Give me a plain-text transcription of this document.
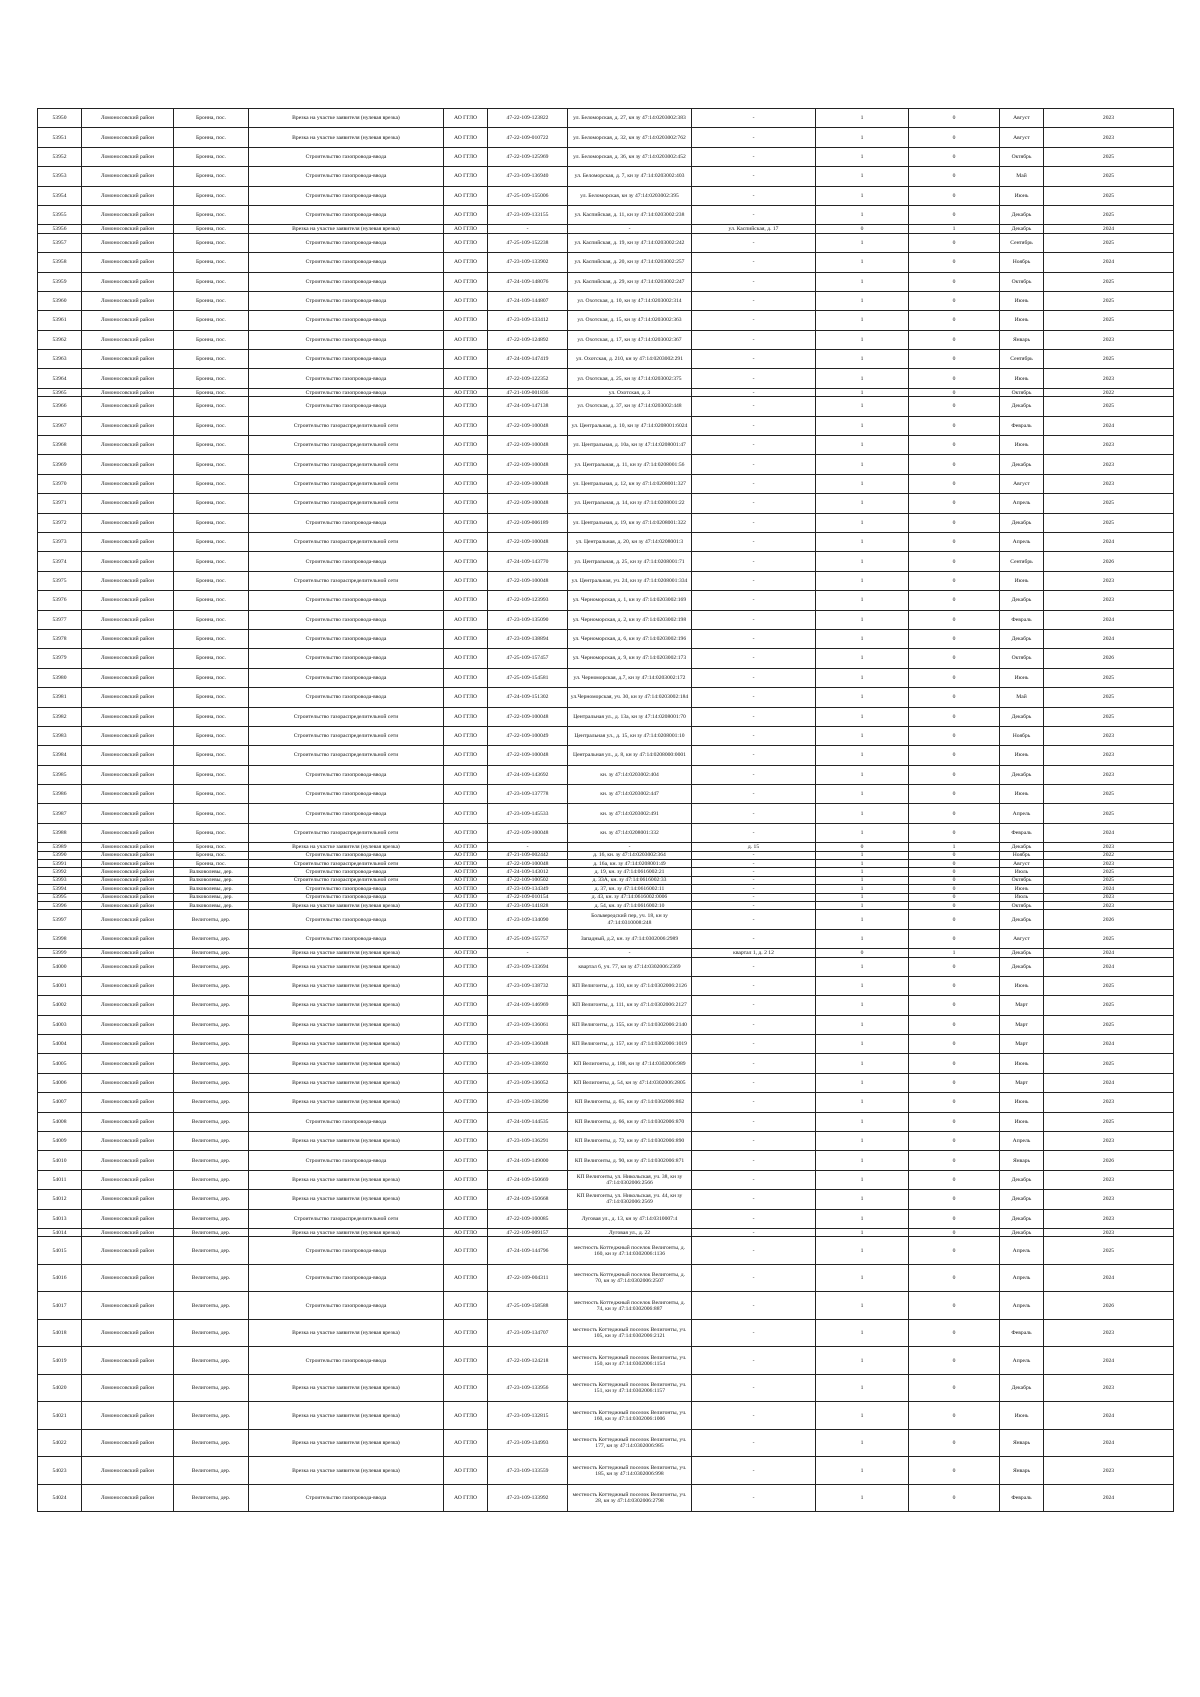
53950	Ломоносовский район	Бронна, пос.	Врезка на участке заявителя (нулевая врезка)	АО ГГЛО	47-22-109-123822	ул. Беломорская, д. 27, кн зу 47:14:0203002:383	-	1	0	Август	2023
53951	Ломоносовский район	Бронна, пос.	Врезка на участке заявителя (нулевая врезка)	АО ГГЛО	47-22-109-010722	ул. Беломорская, д. 32, кн зу 47:14:0203002:762	-	1	0	Август	2023
53952	Ломоносовский район	Бронна, пос.	Строительство газопровода-ввода	АО ГГЛО	47-22-109-125969	ул. Беломорская, д. 36, кн зу 47:14:0203002:452	-	1	0	Октябрь	2025
53953	Ломоносовский район	Бронна, пос.	Строительство газопровода-ввода	АО ГГЛО	47-23-109-136940	ул. Беломорская, д. 7, кн зу 47:14:0203002:403	-	1	0	Май	2025
53954	Ломоносовский район	Бронна, пос.	Строительство газопровода-ввода	АО ГГЛО	47-25-109-155006	ул. Беломорская, кн зу 47:14:0203002:395	-	1	0	Июнь	2025
53955	Ломоносовский район	Бронна, пос.	Строительство газопровода-ввода	АО ГГЛО	47-23-109-133155	ул. Каспийская, д. 11, кн зу 47:14:0203002:238	-	1	0	Декабрь	2025
53956	Ломоносовский район	Бронна, пос.	Врезка на участке заявителя (нулевая врезка)	АО ГГЛО	-	-	ул. Каспийская, д. 17	0	1	Декабрь	2024
53957	Ломоносовский район	Бронна, пос.	Строительство газопровода-ввода	АО ГГЛО	47-25-109-152238	ул. Каспийская, д. 19, кн зу 47:14:0203002:242	-	1	0	Сентябрь	2025
53958	Ломоносовский район	Бронна, пос.	Строительство газопровода-ввода	АО ГГЛО	47-23-109-133902	ул. Каспийская, д. 20, кн зу 47:14:0203002:257	-	1	0	Ноябрь	2024
53959	Ломоносовский район	Бронна, пос.	Строительство газопровода-ввода	АО ГГЛО	47-24-109-148076	ул. Каспийская, д. 29, кн зу 47:14:0203002:247	-	1	0	Октябрь	2025
53960	Ломоносовский район	Бронна, пос.	Строительство газопровода-ввода	АО ГГЛО	47-24-109-144807	ул. Охотская, д. 10, кн зу 47:14:0203002:314	-	1	0	Июнь	2025
53961	Ломоносовский район	Бронна, пос.	Строительство газопровода-ввода	АО ГГЛО	47-23-109-133412	ул. Охотская, д. 15, кн зу 47:14:0203002:363	-	1	0	Июнь	2025
53962	Ломоносовский район	Бронна, пос.	Строительство газопровода-ввода	АО ГГЛО	47-22-109-124892	ул. Охотская, д. 17, кн зу 47:14:0203002:367	-	1	0	Январь	2023
53963	Ломоносовский район	Бронна, пос.	Строительство газопровода-ввода	АО ГГЛО	47-24-109-147419	ул. Охотская, д. 210, кн зу 47:14:0203002:291	-	1	0	Сентябрь	2025
53964	Ломоносовский район	Бронна, пос.	Строительство газопровода-ввода	АО ГГЛО	47-22-109-122352	ул. Охотская, д. 25, кн зу 47:14:0203002:375	-	1	0	Июнь	2023
53965	Ломоносовский район	Бронна, пос.	Строительство газопровода-ввода	АО ГГЛО	47-21-109-001836	ул. Охотская, д. 3	-	1	0	Октябрь	2022
53966	Ломоносовский район	Бронна, пос.	Строительство газопровода-ввода	АО ГГЛО	47-24-109-147138	ул. Охотская, д. 37, кн зу 47:14:0203002:448	-	1	0	Декабрь	2025
53967	Ломоносовский район	Бронна, пос.	Строительство газораспределительной сети	АО ГГЛО	47-22-109-100048	ул. Центральная, д. 10, кн зу 47:14:0208001:6024	-	1	0	Февраль	2024
53968	Ломоносовский район	Бронна, пос.	Строительство газораспределительной сети	АО ГГЛО	47-22-109-100048	ул. Центральная, д. 10а, кн зу 47:14:0208001:47	-	1	0	Июнь	2023
53969	Ломоносовский район	Бронна, пос.	Строительство газораспределительной сети	АО ГГЛО	47-22-109-100048	ул. Центральная, д. 11, кн зу 47:14:0208001:56	-	1	0	Декабрь	2023
53970	Ломоносовский район	Бронна, пос.	Строительство газораспределительной сети	АО ГГЛО	47-22-109-100048	ул. Центральная, д. 12, кн зу 47:14:0208001:327	-	1	0	Август	2023
53971	Ломоносовский район	Бронна, пос.	Строительство газораспределительной сети	АО ГГЛО	47-22-109-100048	ул. Центральная, д. 14, кн зу 47:14:0208001:22	-	1	0	Апрель	2025
53972	Ломоносовский район	Бронна, пос.	Строительство газопровода-ввода	АО ГГЛО	47-22-109-006189	ул. Центральная, д. 19, кн зу 47:14:0208001:322	-	1	0	Декабрь	2025
53973	Ломоносовский район	Бронна, пос.	Строительство газораспределительной сети	АО ГГЛО	47-22-109-100048	ул. Центральная, д. 20, кн зу 47:14:0208001:3	-	1	0	Апрель	2024
53974	Ломоносовский район	Бронна, пос.	Строительство газопровода-ввода	АО ГГЛО	47-24-109-143770	ул. Центральная, д. 25, кн зу 47:14:0208001:71	-	1	0	Сентябрь	2026
53975	Ломоносовский район	Бронна, пос.	Строительство газораспределительной сети	АО ГГЛО	47-22-109-100048	ул. Центральная, уч. 24, кн зу 47:14:0208001:334	-	1	0	Июнь	2023
53976	Ломоносовский район	Бронна, пос.	Строительство газопровода-ввода	АО ГГЛО	47-22-109-123993	ул. Черноморская, д. 1, кн зу 47:14:0203002:169	-	1	0	Декабрь	2023
53977	Ломоносовский район	Бронна, пос.	Строительство газопровода-ввода	АО ГГЛО	47-23-109-135090	ул. Черноморская, д. 2, кн зу 47:14:0203002:198	-	1	0	Февраль	2024
53978	Ломоносовский район	Бронна, пос.	Строительство газопровода-ввода	АО ГГЛО	47-23-109-138894	ул. Черноморская, д. 6, кн зу 47:14:0203002:196	-	1	0	Декабрь	2024
53979	Ломоносовский район	Бронна, пос.	Строительство газопровода-ввода	АО ГГЛО	47-25-109-157457	ул. Черноморская, д. 9, кн зу 47:14:0203002:173	-	1	0	Октябрь	2026
53980	Ломоносовский район	Бронна, пос.	Строительство газопровода-ввода	АО ГГЛО	47-25-109-154581	ул. Черноморская, д.7, кн зу 47:14:0203002:172	-	1	0	Июнь	2025
53981	Ломоносовский район	Бронна, пос.	Строительство газопровода-ввода	АО ГГЛО	47-24-109-151302	ул.Черноморская, уч. 30, кн зу 47:14:0203002:184	-	1	0	Май	2025
53982	Ломоносовский район	Бронна, пос.	Строительство газораспределительной сети	АО ГГЛО	47-22-109-100048	Центральная ул., д. 13а, кн зу 47:14:0208001:70	-	1	0	Декабрь	2025
53983	Ломоносовский район	Бронна, пос.	Строительство газораспределительной сети	АО ГГЛО	47-22-109-100049	Центральная ул., д. 15, кн зу 47:14:0208001:10	-	1	0	Ноябрь	2023
53984	Ломоносовский район	Бронна, пос.	Строительство газораспределительной сети	АО ГГЛО	47-22-109-100048	Центральная ул., д. 8, кн зу 47:14:0208000:0001	-	1	0	Июнь	2023
53985	Ломоносовский район	Бронна, пос.	Строительство газопровода-ввода	АО ГГЛО	47-24-109-143692	кн. зу 47:14:0203002:404	-	1	0	Декабрь	2023
53986	Ломоносовский район	Бронна, пос.	Строительство газопровода-ввода	АО ГГЛО	47-23-109-137778	кн. зу 47:14:0203002:447	-	1	0	Июнь	2025
53987	Ломоносовский район	Бронна, пос.	Строительство газопровода-ввода	АО ГГЛО	47-23-109-145533	кн. зу 47:14:0203002:491	-	1	0	Апрель	2025
53988	Ломоносовский район	Бронна, пос.	Строительство газораспределительной сети	АО ГГЛО	47-22-109-100048	кн. зу 47:14:0208001:332	-	1	0	Февраль	2024
53989	Ломоносовский район	Бронна, пос.	Врезка на участке заявителя (нулевая врезка)	АО ГГЛО	-	-	д. 15	0	1	Декабрь	2023
53990	Ломоносовский район	Бронна, пос.	Строительство газопровода-ввода	АО ГГЛО	47-21-109-002442	д. 16, кн. зу 47:14:0203002:364	-	1	0	Ноябрь	2022
53991	Ломоносовский район	Бронна, пос.	Строительство газораспределительной сети	АО ГГЛО	47-22-109-100048	д. 16а, кн. зу 47:14:0208001:49	-	1	0	Август	2023
53992	Ломоносовский район	Валковолевы, дер.	Строительство газопровода-ввода	АО ГГЛО	47-24-109-143012	д. 19, кн. зу 47:14:0616002:21	-	1	0	Июль	2025
53993	Ломоносовский район	Валковолевы, дер.	Строительство газораспределительной сети	АО ГГЛО	47-22-109-100502	д. 33А, кн. зу 47:14:0616002:33	-	1	0	Октябрь	2025
53994	Ломоносовский район	Валковолевы, дер.	Строительство газопровода-ввода	АО ГГЛО	47-23-109-134349	д. 37, кн. зу 47:14:0616002:11	-	1	0	Июнь	2024
53995	Ломоносовский район	Валковолевы, дер.	Строительство газопровода-ввода	АО ГГЛО	47-22-109-010154	д. 43, кн. зу 47:14:0616002:0006	-	1	0	Июль	2023
53996	Ломоносовский район	Валковолевы, дер.	Врезка на участке заявителя (нулевая врезка)	АО ГГЛО	47-23-109-141828	д. 54, кн. зу 47:14:0616002:10	-	1	0	Октябрь	2023
53997	Ломоносовский район	Велигонты, дер.	Строительство газопровода-ввода	АО ГГЛО	47-23-109-134090	Больвередский пер, уч. 18, кн зу 47:14:0310008:248	-	1	0	Декабрь	2026
53998	Ломоносовский район	Велигонты, дер.	Строительство газопровода-ввода	АО ГГЛО	47-25-109-155757	Западный, д.2, кн. зу 47:14:0302006:2989	-	1	0	Август	2025
53999	Ломоносовский район	Велигонты, дер.	Врезка на участке заявителя (нулевая врезка)	АО ГГЛО	-	-	квартал 1, д. 2 12	0	1	Декабрь	2024
54000	Ломоносовский район	Велигонты, дер.	Врезка на участке заявителя (нулевая врезка)	АО ГГЛО	47-23-109-133694	квартал 6, уч. 77, кн зу 47:14:0302006:2369	-	1	0	Декабрь	2024
54001	Ломоносовский район	Велигонты, дер.	Врезка на участке заявителя (нулевая врезка)	АО ГГЛО	47-23-109-138732	КП Велигонты, д. 110, кн зу 47:14:0302006:2126	-	1	0	Июнь	2025
54002	Ломоносовский район	Велигонты, дер.	Врезка на участке заявителя (нулевая врезка)	АО ГГЛО	47-24-109-146969	КП Велигонты, д. 111, кн зу 47:14:0302006:2127	-	1	0	Март	2025
54003	Ломоносовский район	Велигонты, дер.	Врезка на участке заявителя (нулевая врезка)	АО ГГЛО	47-23-109-136061	КП Велигонты, д. 155, кн зу 47:14:0302006:2140	-	1	0	Март	2025
54004	Ломоносовский район	Велигонты, дер.	Врезка на участке заявителя (нулевая врезка)	АО ГГЛО	47-23-109-136048	КП Велигонты, д. 157, кн зу 47:14:0302006:1019	-	1	0	Март	2024
54005	Ломоносовский район	Велигонты, дер.	Врезка на участке заявителя (нулевая врезка)	АО ГГЛО	47-23-109-138692	КП Велигонты, д. 188, кн зу 47:14:0302006:989	-	1	0	Июнь	2025
54006	Ломоносовский район	Велигонты, дер.	Врезка на участке заявителя (нулевая врезка)	АО ГГЛО	47-23-109-136052	КП Велигонты, д. 54, кн зу 47:14:0302006:2805	-	1	0	Март	2024
54007	Ломоносовский район	Велигонты, дер.	Врезка на участке заявителя (нулевая врезка)	АО ГГЛО	47-23-109-138290	КП Велигонты, д. 65, кн зу 47:14:0302006:862	-	1	0	Июнь	2023
54008	Ломоносовский район	Велигонты, дер.	Строительство газопровода-ввода	АО ГГЛО	47-24-109-144535	КП Велигонты, д. 66, кн зу 47:14:0302006:870	-	1	0	Июнь	2025
54009	Ломоносовский район	Велигонты, дер.	Врезка на участке заявителя (нулевая врезка)	АО ГГЛО	47-23-109-136291	КП Велигонты, д. 72, кн зу 47:14:0302006:890	-	1	0	Апрель	2023
54010	Ломоносовский район	Велигонты, дер.	Строительство газопровода-ввода	АО ГГЛО	47-24-109-149000	КП Велигонты, д. 90, кн зу 47:14:0302006:871	-	1	0	Январь	2026
54011	Ломоносовский район	Велигонты, дер.	Врезка на участке заявителя (нулевая врезка)	АО ГГЛО	47-24-109-150669	КП Велигонты, ул. Никольская, уч. 38, кн зу 47:14:0302006:2566	-	1	0	Декабрь	2023
54012	Ломоносовский район	Велигонты, дер.	Врезка на участке заявителя (нулевая врезка)	АО ГГЛО	47-24-109-150668	КП Велигонты, ул. Никольская, уч. 44, кн зу 47:14:0302006:2569	-	1	0	Декабрь	2023
54013	Ломоносовский район	Велигонты, дер.	Строительство газораспределительной сети	АО ГГЛО	47-22-109-100085	Луговая ул., д. 13, кн зу 47:14:0310007:4	-	1	0	Декабрь	2023
54014	Ломоносовский район	Велигонты, дер.	Врезка на участке заявителя (нулевая врезка)	АО ГГЛО	47-22-109-009157	Луговая ул., д. 22	-	1	0	Декабрь	2023
54015	Ломоносовский район	Велигонты, дер.	Строительство газопровода-ввода	АО ГГЛО	47-24-109-144796	местность Коттеджный поселок Велигонты, д. 160, кн зу 47:14:0302006:1136	-	1	0	Апрель	2025
54016	Ломоносовский район	Велигонты, дер.	Строительство газопровода-ввода	АО ГГЛО	47-22-109-004311	местность Коттеджный поселок Велигонты, д. 70, кн зу 47:14:0302006:2507	-	1	0	Апрель	2024
54017	Ломоносовский район	Велигонты, дер.	Строительство газопровода-ввода	АО ГГЛО	47-25-109-158588	местность Коттеджный поселок Велигонты, д. 74, кн зу 47:14:0302006:887	-	1	0	Апрель	2026
54018	Ломоносовский район	Велигонты, дер.	Врезка на участке заявителя (нулевая врезка)	АО ГГЛО	47-23-109-134707	местность Коттеджный поселок Велигонты, уч. 105, кн зу 47:14:0302006:2121	-	1	0	Февраль	2023
54019	Ломоносовский район	Велигонты, дер.	Строительство газопровода-ввода	АО ГГЛО	47-22-109-124218	местность Коттеджный поселок Велигонты, уч. 150, кн зу 47:14:0302006:1154	-	1	0	Апрель	2024
54020	Ломоносовский район	Велигонты, дер.	Врезка на участке заявителя (нулевая врезка)	АО ГГЛО	47-23-109-133956	местность Коттеджный поселок Велигонты, уч. 151, кн зу 47:14:0302006:1157	-	1	0	Декабрь	2023
54021	Ломоносовский район	Велигонты, дер.	Врезка на участке заявителя (нулевая врезка)	АО ГГЛО	47-23-109-132815	местность Коттеджный поселок Велигонты, уч. 160, кн зу 47:14:0302006:1006	-	1	0	Июнь	2024
54022	Ломоносовский район	Велигонты, дер.	Врезка на участке заявителя (нулевая врезка)	АО ГГЛО	47-23-109-134993	местность Коттеджный поселок Велигонты, уч. 177, кн зу 47:14:0302006:985	-	1	0	Январь	2024
54023	Ломоносовский район	Велигонты, дер.	Врезка на участке заявителя (нулевая врезка)	АО ГГЛО	47-23-109-133559	местность Коттеджный поселок Велигонты, уч. 185, кн зу 47:14:0302006:998	-	1	0	Январь	2023
54024	Ломоносовский район	Велигонты, дер.	Строительство газопровода-ввода	АО ГГЛО	47-23-109-133992	местность Коттеджный поселок Велигонты, уч. 28, кн зу 47:14:0302006:2798	-	1	0	Февраль	2024
